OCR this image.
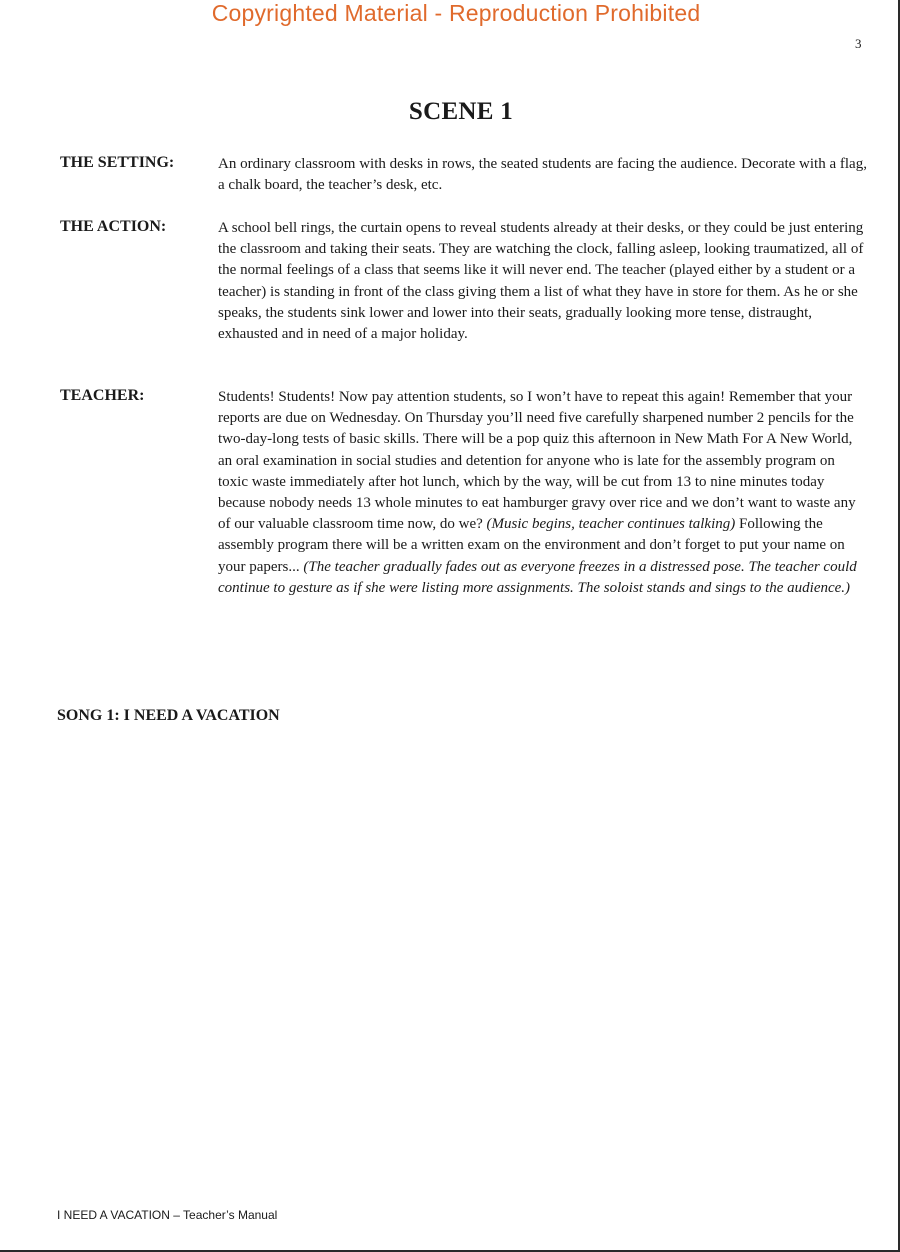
Copyrighted Material - Reproduction Prohibited
3
SCENE 1
THE SETTING:	An ordinary classroom with desks in rows, the seated students are facing the audience. Decorate with a flag, a chalk board, the teacher’s desk, etc.
THE ACTION:	A school bell rings, the curtain opens to reveal students already at their desks, or they could be just entering the classroom and taking their seats. They are watching the clock, falling asleep, looking traumatized, all of the normal feelings of a class that seems like it will never end. The teacher (played either by a student or a teacher) is standing in front of the class giving them a list of what they have in store for them. As he or she speaks, the students sink lower and lower into their seats, gradually looking more tense, distraught, exhausted and in need of a major holiday.
TEACHER:	Students! Students! Now pay attention students, so I won’t have to repeat this again! Remember that your reports are due on Wednesday. On Thursday you’ll need five carefully sharpened number 2 pencils for the two-day-long tests of basic skills. There will be a pop quiz this afternoon in New Math For A New World, an oral examination in social studies and detention for anyone who is late for the assembly program on toxic waste immediately after hot lunch, which by the way, will be cut from 13 to nine minutes today because nobody needs 13 whole minutes to eat hamburger gravy over rice and we don’t want to waste any of our valuable classroom time now, do we? (Music begins, teacher continues talking) Following the assembly program there will be a written exam on the environment and don’t forget to put your name on your papers... (The teacher gradually fades out as everyone freezes in a distressed pose. The teacher could continue to gesture as if she were listing more assignments. The soloist stands and sings to the audience.)
SONG 1: I NEED A VACATION
I NEED A VACATION – Teacher’s Manual
